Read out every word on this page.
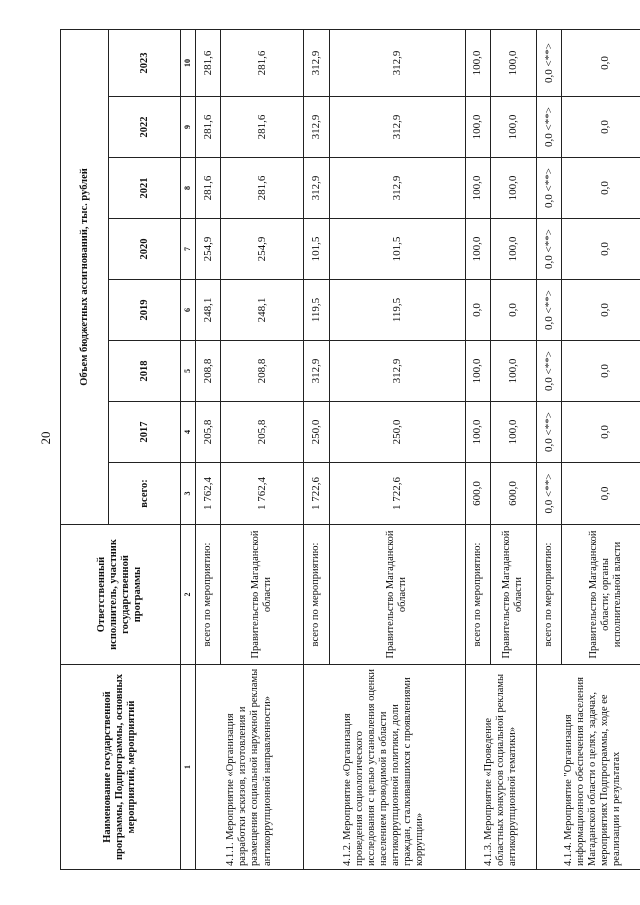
20
Наименование государственной программы, Подпрограммы, основных мероприятий, мероприятий	Ответственный исполнитель, участник государственной программы	Объем бюджетных ассигнований, тыс. рублей							
		всего:	2017	2018	2019	2020	2021	2022	2023
1	2	3	4	5	6	7	8	9	10
4.1.1. Мероприятие «Организация разработки эскизов, изготовления и размещения социальной наружной рекламы антикоррупционной направленности»	всего по мероприятию:	1 762,4	205,8	208,8	248,1	254,9	281,6	281,6	281,6
	Правительство Магаданской области	1 762,4	205,8	208,8	248,1	254,9	281,6	281,6	281,6
4.1.2. Мероприятие «Организация проведения социологического исследования с целью установления оценки населением проводимой в области антикоррупционной политики, доли граждан, сталкивавшихся с проявлениями коррупции»	всего по мероприятию:	1 722,6	250,0	312,9	119,5	101,5	312,9	312,9	312,9
	Правительство Магаданской области	1 722,6	250,0	312,9	119,5	101,5	312,9	312,9	312,9
4.1.3. Мероприятие «Проведение областных конкурсов социальной рекламы антикоррупционной тематики»	всего по мероприятию:	600,0	100,0	100,0	0,0	100,0	100,0	100,0	100,0
	Правительство Магаданской области	600,0	100,0	100,0	0,0	100,0	100,0	100,0	100,0
4.1.4. Мероприятие "Организация информационного обеспечения населения Магаданской области о целях, задачах, мероприятиях Подпрограммы, ходе ее реализации и результатах	всего по мероприятию:	0,0 <**>	0,0 <**>	0,0 <**>	0,0 <**>	0,0 <**>	0,0 <**>	0,0 <**>	0,0 <**>
	Правительство Магаданской области; органы исполнительной власти	0,0	0,0	0,0	0,0	0,0	0,0	0,0	0,0
